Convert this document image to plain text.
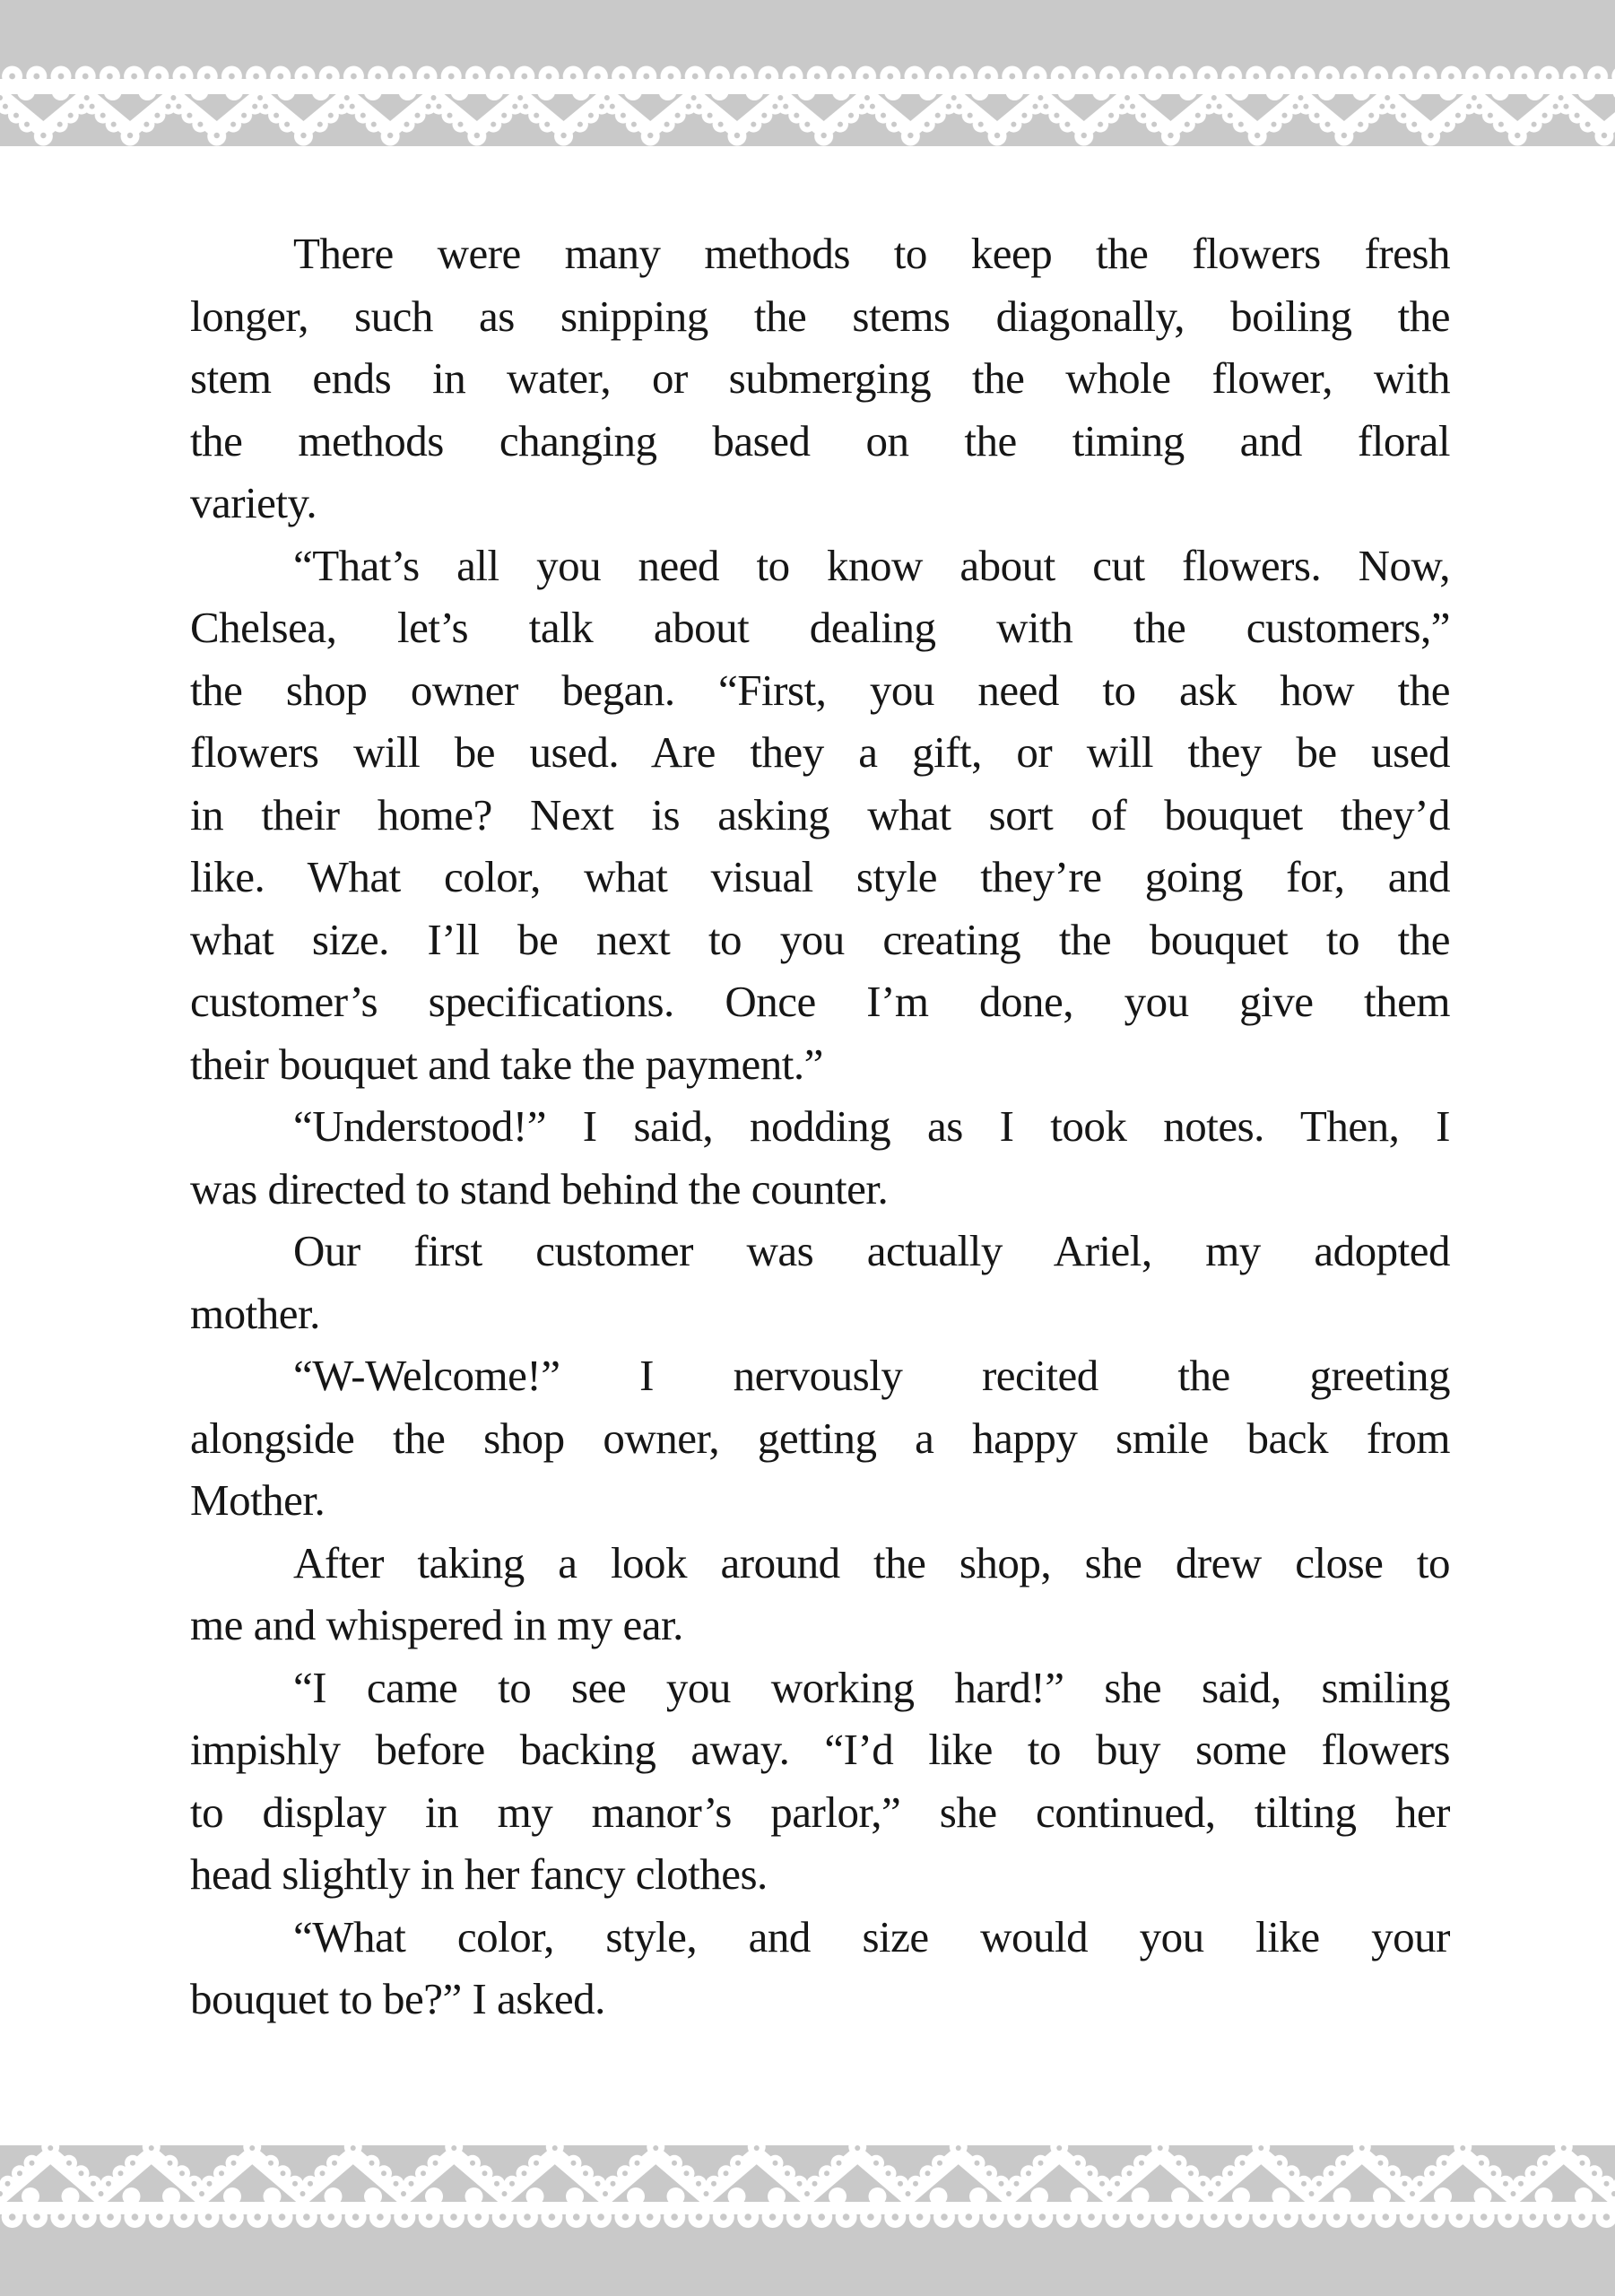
There were many methods to keep the flowers fresh
longer, such as snipping the stems diagonally, boiling the
stem ends in water, or submerging the whole flower, with
the methods changing based on the timing and floral
variety.

“That’s all you need to know about cut flowers. Now,
Chelsea, let’s talk about dealing with the customers,”
the shop owner began. “First, you need to ask how the
flowers will be used. Are they a gift, or will they be used
in their home? Next is asking what sort of bouquet they’d
like. What color, what visual style they’re going for, and
what size. I’ll be next to you creating the bouquet to the
customer’s specifications. Once I’m done, you give them
their bouquet and take the payment.”

“Understood!” I said, nodding as I took notes. Then, I
was directed to stand behind the counter.

Our first customer was actually Ariel, my adopted
mother.

“W-Welcome!” I nervously recited the greeting
alongside the shop owner, getting a happy smile back from
Mother.

After taking a look around the shop, she drew close to
me and whispered in my ear.

“I came to see you working hard!” she said, smiling
impishly before backing away. “I’d like to buy some flowers
to display in my manor’s parlor,” she continued, tilting her
head slightly in her fancy clothes.

“What color, style, and size would you like your
bouquet to be?” I asked.
